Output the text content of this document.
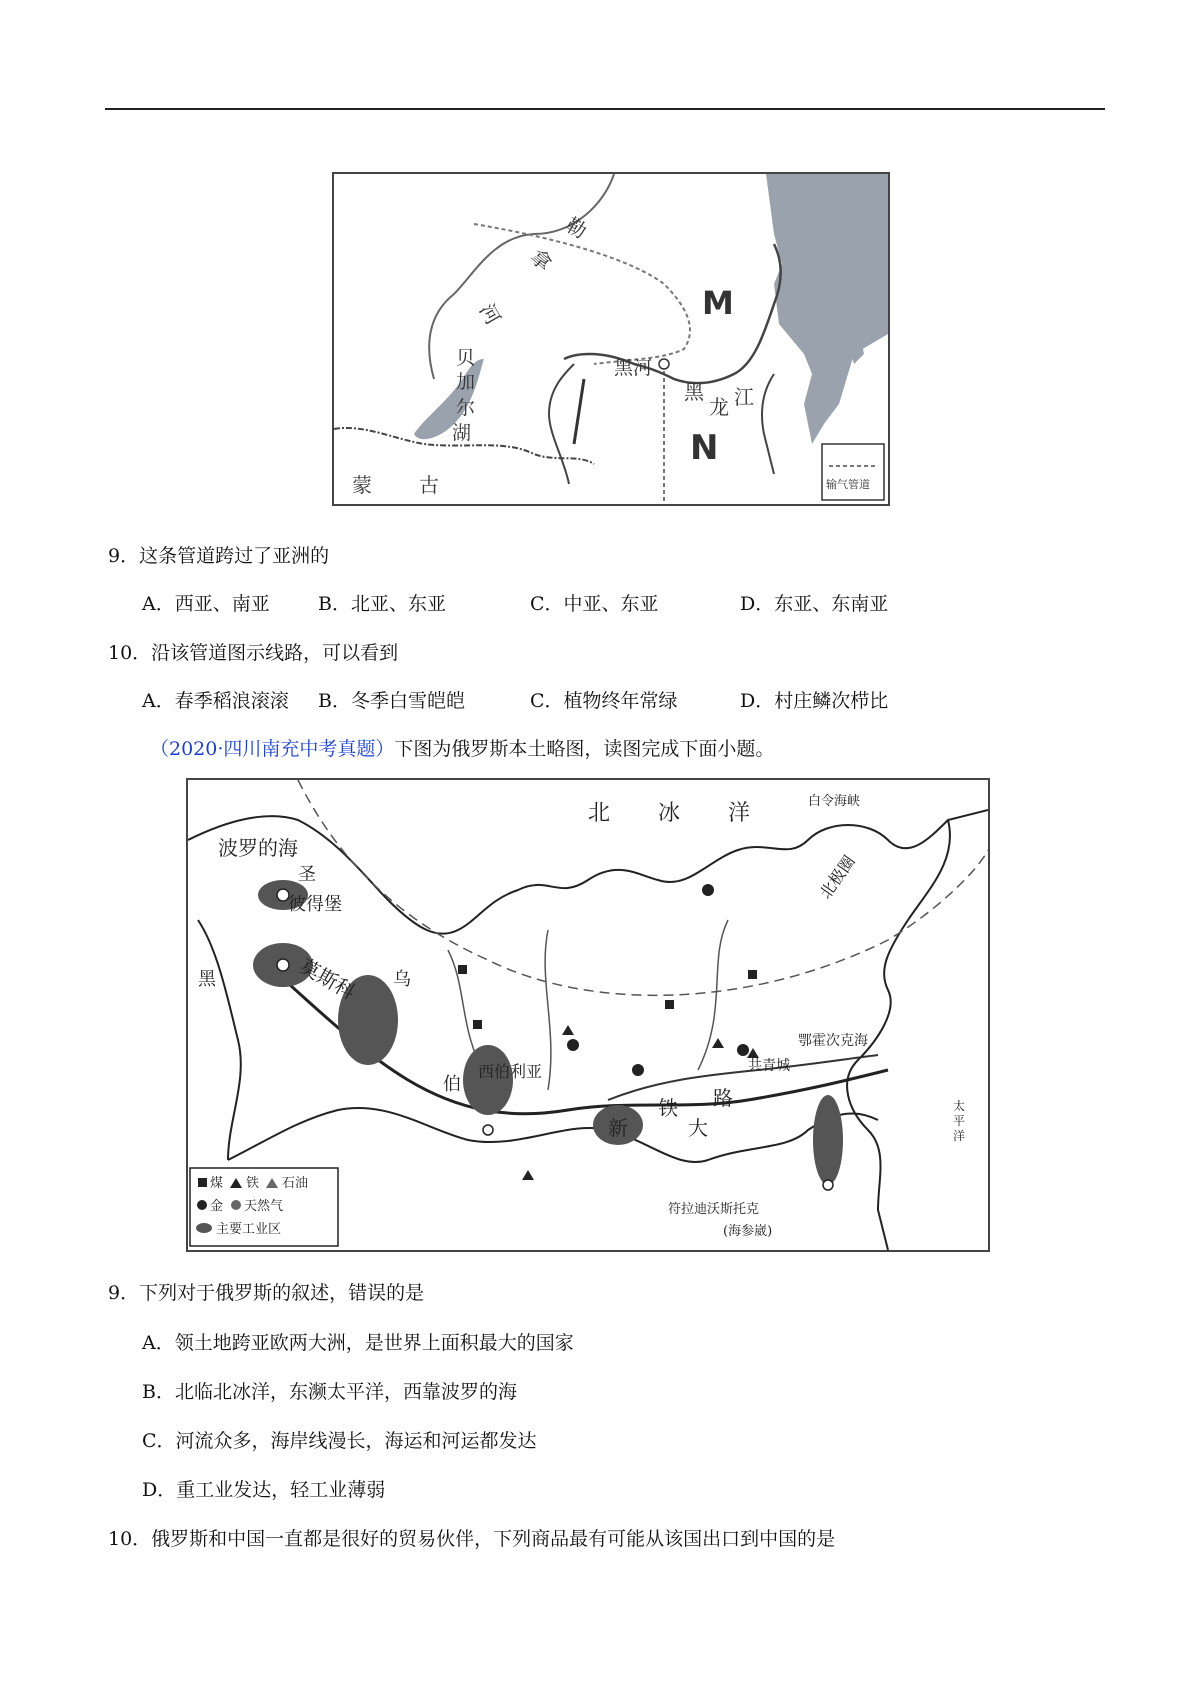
勒
拿
河
贝
加
尔
湖
M
N
黑河
黑
龙 江
蒙 古	输气管道
9．这条管道跨过了亚洲的
A．西亚、南亚	B．北亚、东亚	C．中亚、东亚	D．东亚、东南亚
10．沿该管道图示线路，可以看到
A．春季稻浪滚滚 B．冬季白雪皑皑	C．植物终年常绿	D．村庄鳞次栉比
（2020·四川南充中考真题）下图为俄罗斯本土略图，读图完成下面小题。
北 冰 洋	白令海峡
北极圈
波罗的海
圣
彼得堡
莫斯科
黑	乌
伯
西伯利亚
铁 路
鄂霍次克海
共青城
新	大
符拉迪沃斯托克
(海参崴)
太
平
洋
煤 铁 石油
金 天然气
主要工业区
9．下列对于俄罗斯的叙述，错误的是
A．领土地跨亚欧两大洲，是世界上面积最大的国家
B．北临北冰洋，东濒太平洋，西靠波罗的海
C．河流众多，海岸线漫长，海运和河运都发达
D．重工业发达，轻工业薄弱
10．俄罗斯和中国一直都是很好的贸易伙伴，下列商品最有可能从该国出口到中国的是
